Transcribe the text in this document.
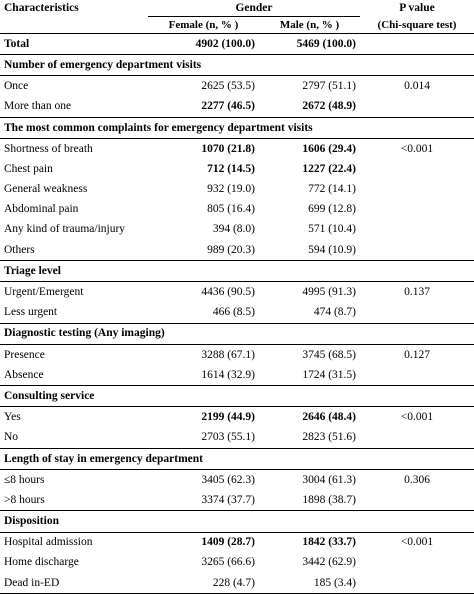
Characteristics	Gender		P value
	Female (n, % )	Male (n, % )	(Chi-square test)
Total	4902 (100.0)	5469 (100.0)	
Number of emergency department visits			
Once	2625 (53.5)	2797 (51.1)	0.014
More than one	2277 (46.5)	2672 (48.9)	
The most common complaints for emergency department visits			
Shortness of breath	1070 (21.8)	1606 (29.4)	<0.001
Chest pain	712 (14.5)	1227 (22.4)	
General weakness	932 (19.0)	772 (14.1)	
Abdominal pain	805 (16.4)	699 (12.8)	
Any kind of trauma/injury	394 (8.0)	571 (10.4)	
Others	989 (20.3)	594 (10.9)	
Triage level			
Urgent/Emergent	4436 (90.5)	4995 (91.3)	0.137
Less urgent	466 (8.5)	474 (8.7)	
Diagnostic testing (Any imaging)			
Presence	3288 (67.1)	3745 (68.5)	0.127
Absence	1614 (32.9)	1724 (31.5)	
Consulting service			
Yes	2199 (44.9)	2646 (48.4)	<0.001
No	2703 (55.1)	2823 (51.6)	
Length of stay in emergency department			
≤8 hours	3405 (62.3)	3004 (61.3)	0.306
>8 hours	3374 (37.7)	1898 (38.7)	
Disposition			
Hospital admission	1409 (28.7)	1842 (33.7)	<0.001
Home discharge	3265 (66.6)	3442 (62.9)	
Dead in-ED	228 (4.7)	185 (3.4)	
